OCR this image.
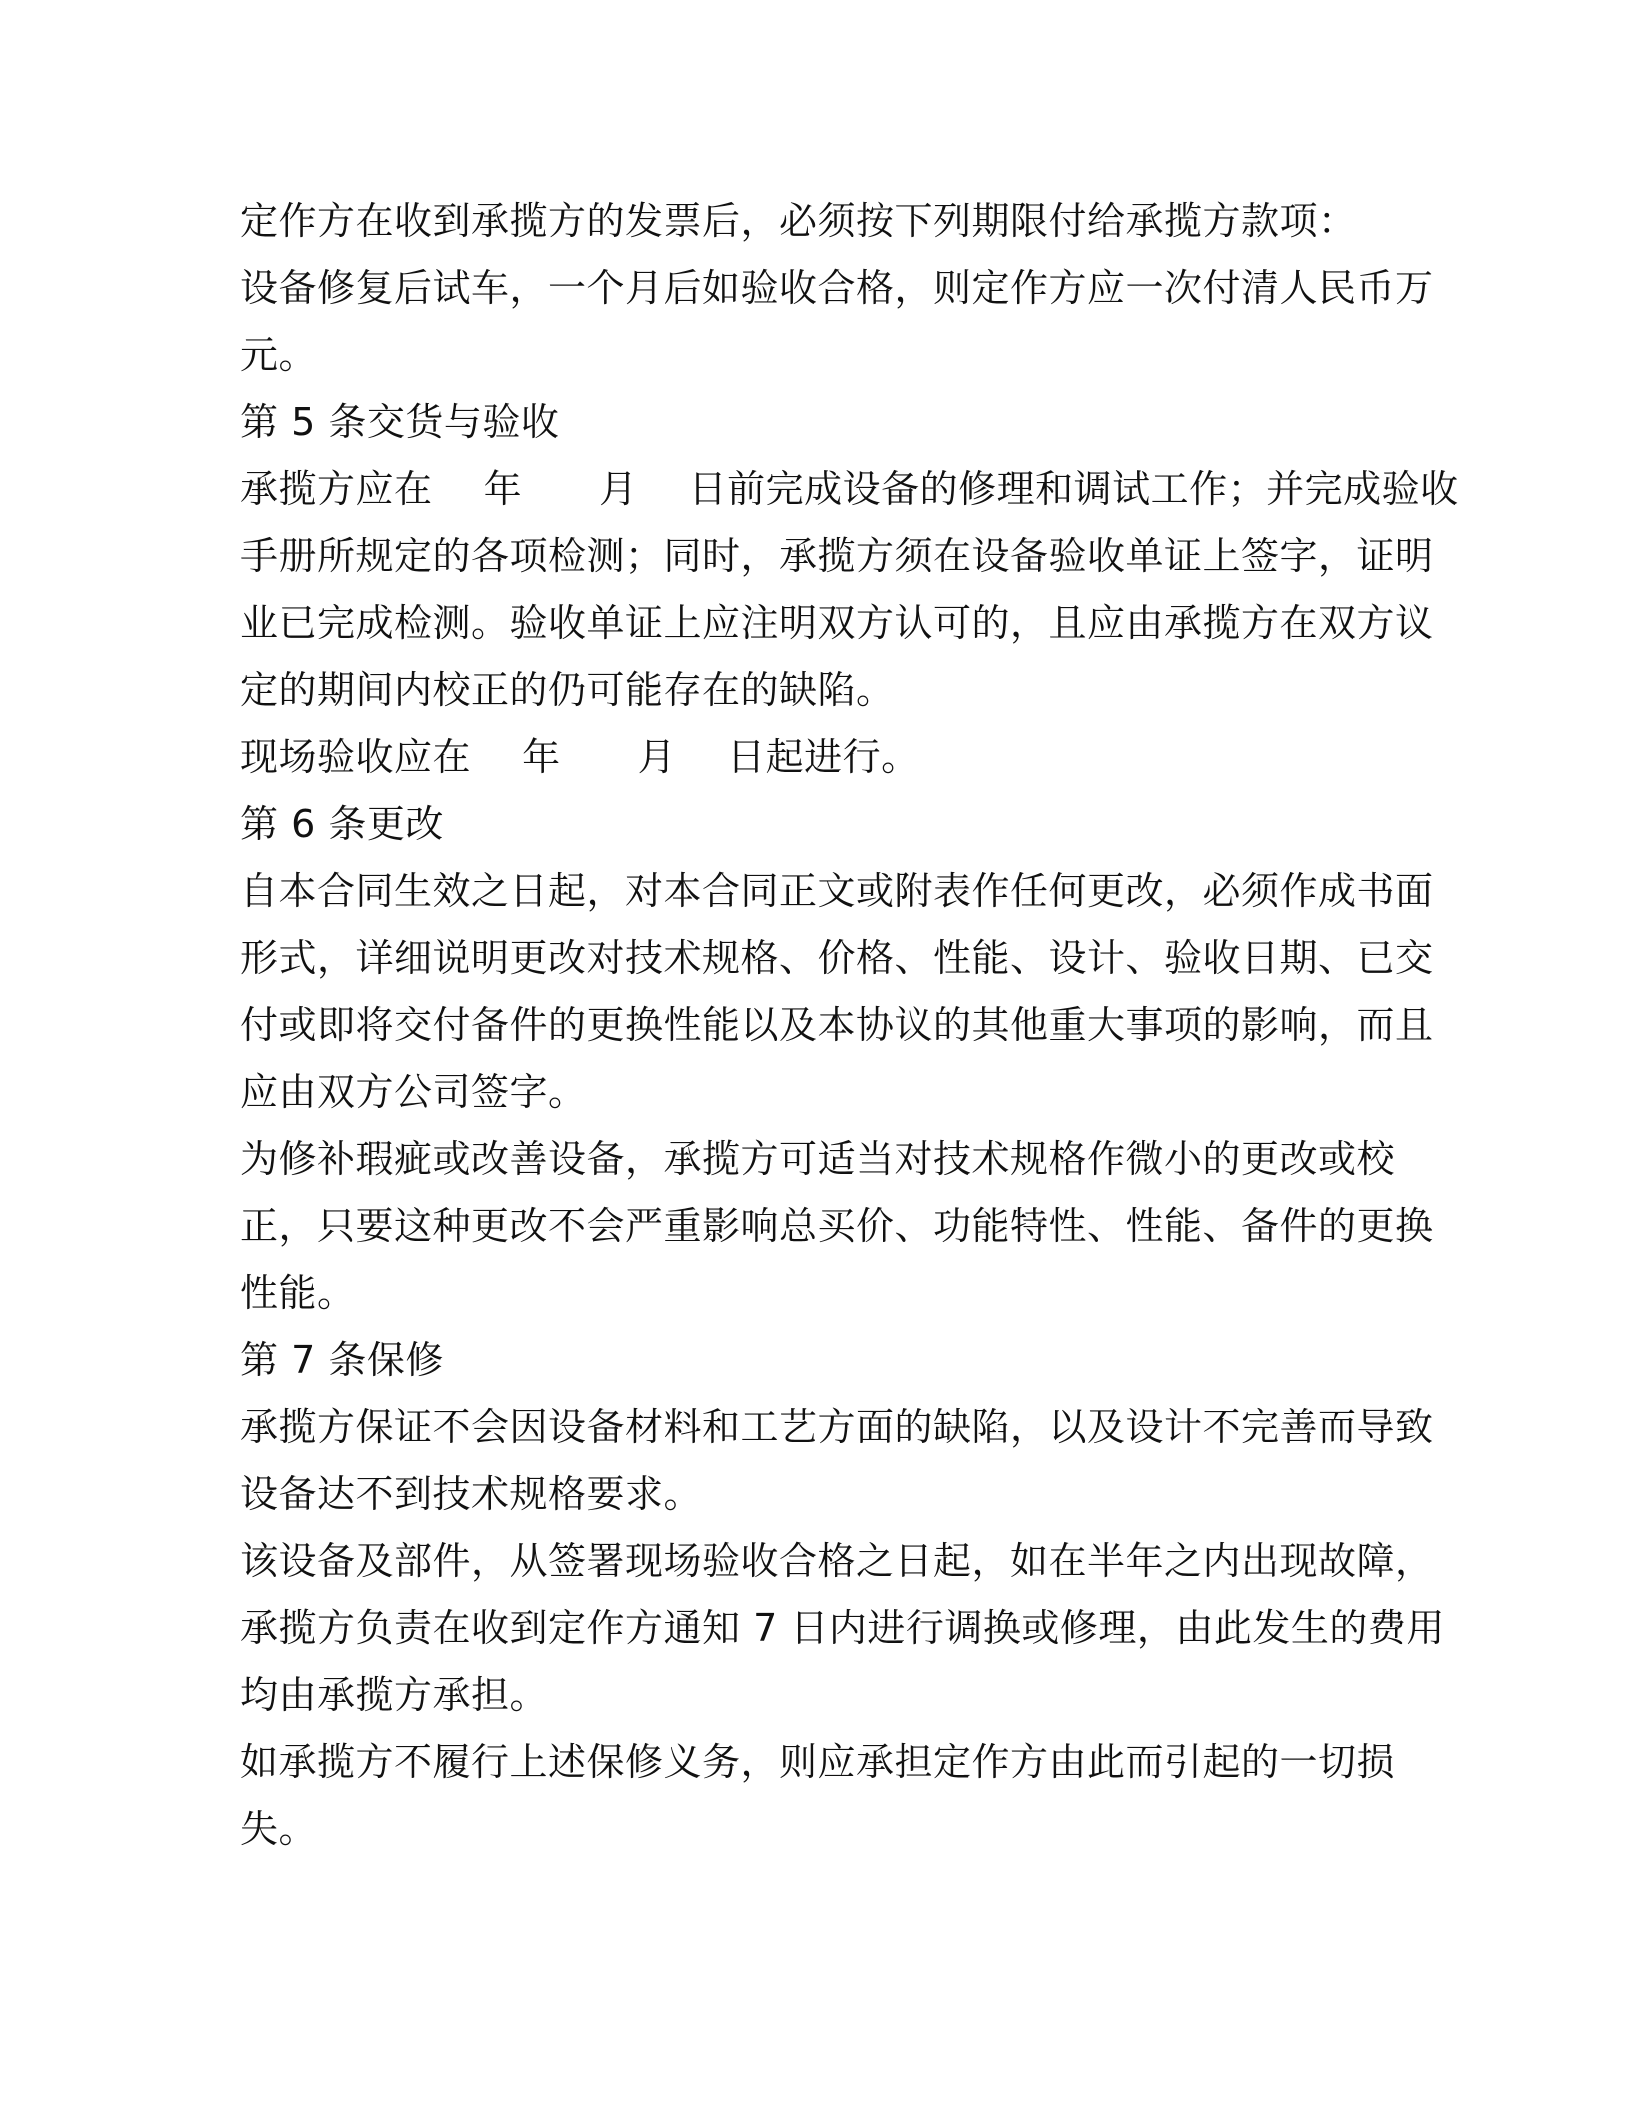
定作方在收到承揽方的发票后，必须按下列期限付给承揽方款项：
设备修复后试车，一个月后如验收合格，则定作方应一次付清人民币万
元。
第 5 条交货与验收
承揽方应在　 年　　月　 日前完成设备的修理和调试工作；并完成验收
手册所规定的各项检测；同时，承揽方须在设备验收单证上签字，证明
业已完成检测。验收单证上应注明双方认可的，且应由承揽方在双方议
定的期间内校正的仍可能存在的缺陷。
现场验收应在　 年　　月　 日起进行。
第 6 条更改
自本合同生效之日起，对本合同正文或附表作任何更改，必须作成书面
形式，详细说明更改对技术规格、价格、性能、设计、验收日期、已交
付或即将交付备件的更换性能以及本协议的其他重大事项的影响，而且
应由双方公司签字。
为修补瑕疵或改善设备，承揽方可适当对技术规格作微小的更改或校
正，只要这种更改不会严重影响总买价、功能特性、性能、备件的更换
性能。
第 7 条保修
承揽方保证不会因设备材料和工艺方面的缺陷，以及设计不完善而导致
设备达不到技术规格要求。
该设备及部件，从签署现场验收合格之日起，如在半年之内出现故障，
承揽方负责在收到定作方通知 7 日内进行调换或修理，由此发生的费用
均由承揽方承担。
如承揽方不履行上述保修义务，则应承担定作方由此而引起的一切损
失。
